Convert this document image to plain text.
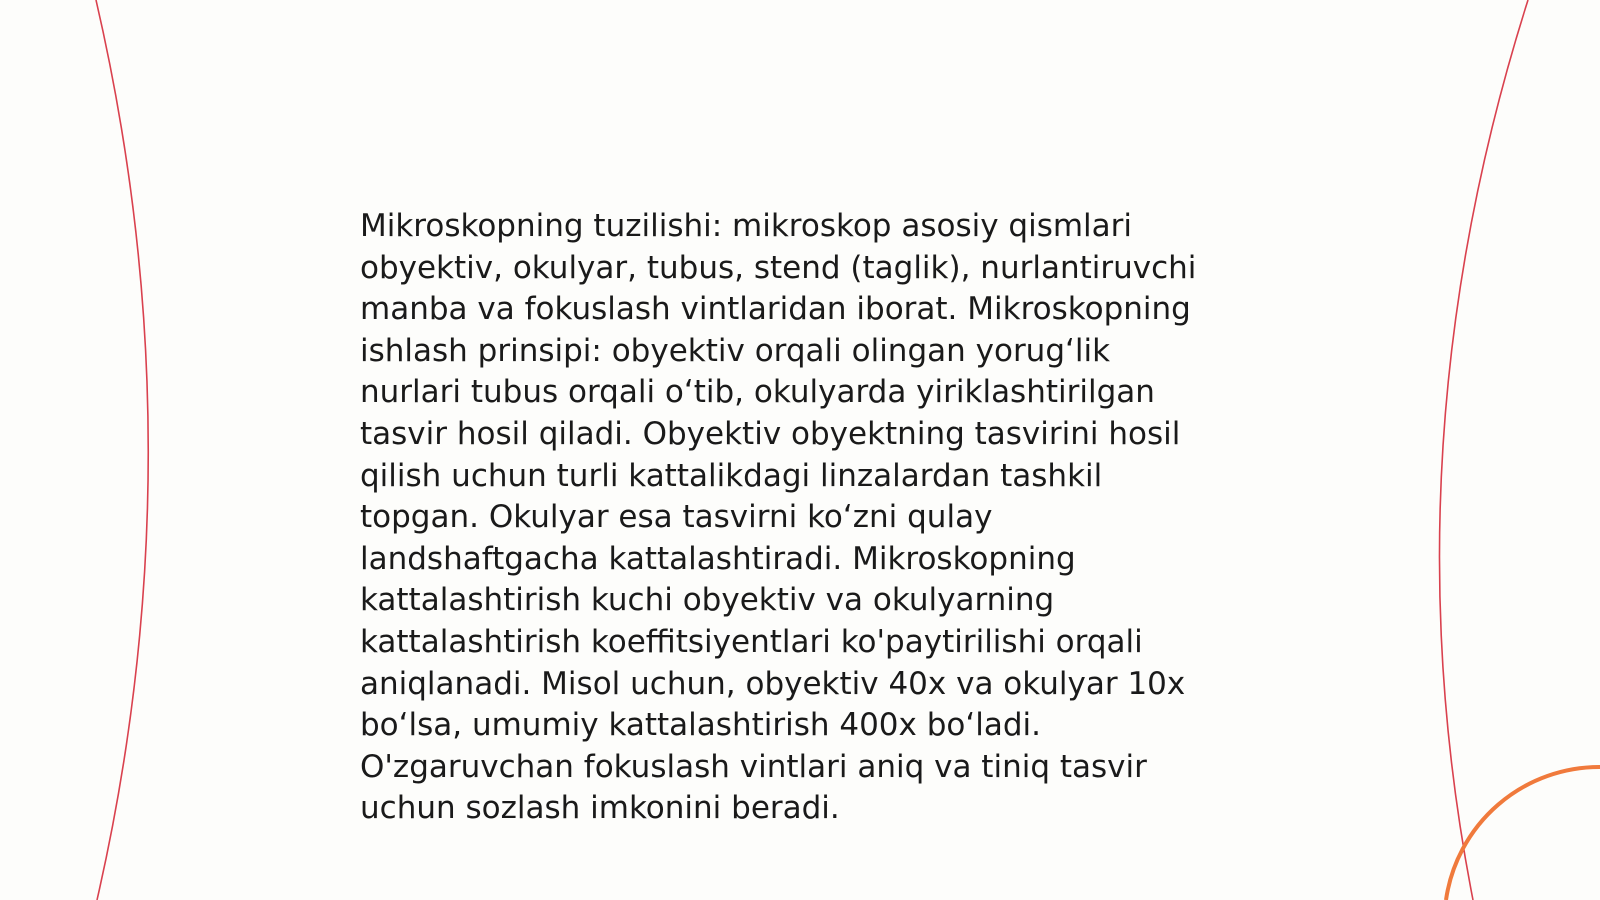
Mikroskopning tuzilishi: mikroskop asosiy qismlari
obyektiv, okulyar, tubus, stend (taglik), nurlantiruvchi
manba va fokuslash vintlaridan iborat. Mikroskopning
ishlash prinsipi: obyektiv orqali olingan yorug‘lik
nurlari tubus orqali o‘tib, okulyarda yiriklashtirilgan
tasvir hosil qiladi. Obyektiv obyektning tasvirini hosil
qilish uchun turli kattalikdagi linzalardan tashkil
topgan. Okulyar esa tasvirni ko‘zni qulay
landshaftgacha kattalashtiradi. Mikroskopning
kattalashtirish kuchi obyektiv va okulyarning
kattalashtirish koeffitsiyentlari ko'paytirilishi orqali
aniqlanadi. Misol uchun, obyektiv 40x va okulyar 10x
bo‘lsa, umumiy kattalashtirish 400x bo‘ladi.
O'zgaruvchan fokuslash vintlari aniq va tiniq tasvir
uchun sozlash imkonini beradi.
